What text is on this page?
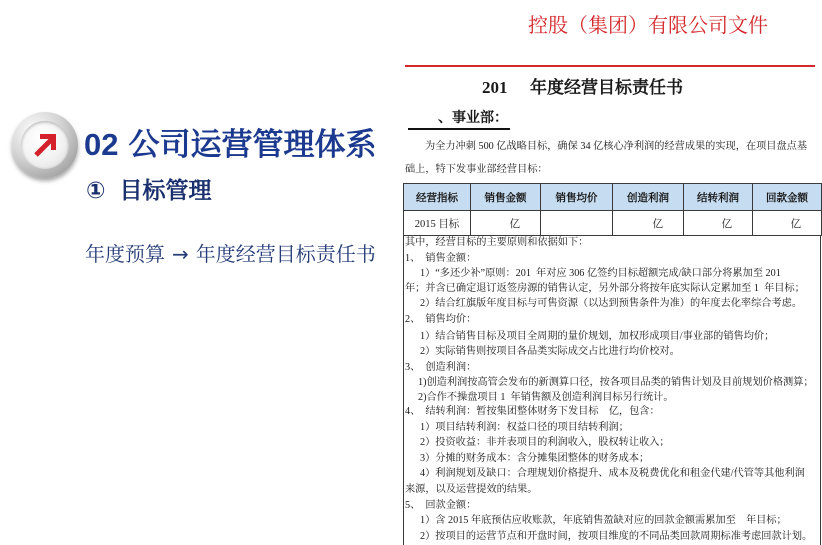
02 公司运营管理体系
① 目标管理
年度预算 → 年度经营目标责任书
控股（集团）有限公司文件
201 年度经营目标责任书
、事业部：
为全力冲刺 500 亿战略目标，确保 34 亿核心净利润的经营成果的实现，在项目盘点基
础上，特下发事业部经营目标：
经营指标	销售金额	销售均价	创造利润	结转利润	回款金额
2015 目标	亿		亿	亿	亿
其中，经营目标的主要原则和依据如下：
1、  销售金额：
1）“多还少补”原则：201  年对应 306 亿签约目标超额完成/缺口部分将累加至 201
年；并含已确定退订返签房源的销售认定，另外部分将按年底实际认定累加至 1  年目标；
2）结合红旗版年度目标与可售资源（以达到预售条件为准）的年度去化率综合考虑。
2、  销售均价：
1）结合销售目标及项目全周期的量价规划，加权形成项目/事业部的销售均价；
2）实际销售则按项目各品类实际成交占比进行均价校对。
3、  创造利润：
1)创造利润按高管会发布的新测算口径，按各项目品类的销售计划及目前规划价格测算；
2)合作不操盘项目 1  年销售额及创造利润目标另行统计。
4、  结转利润：暂按集团整体财务下发目标    亿，包含：
1）项目结转利润：权益口径的项目结转利润；
2）投资收益：非并表项目的利润收入，股权转让收入；
3）分摊的财务成本：含分摊集团整体的财务成本；
4）利润规划及缺口：合理规划价格提升、成本及税费优化和租金代建/代管等其他利润
来源，以及运营提效的结果。
5、  回款金额：
1）含 2015 年底预估应收账款，年底销售盈缺对应的回款金额需累加至    年目标；
2）按项目的运营节点和开盘时间，按项目维度的不同品类回款周期标准考虑回款计划。
